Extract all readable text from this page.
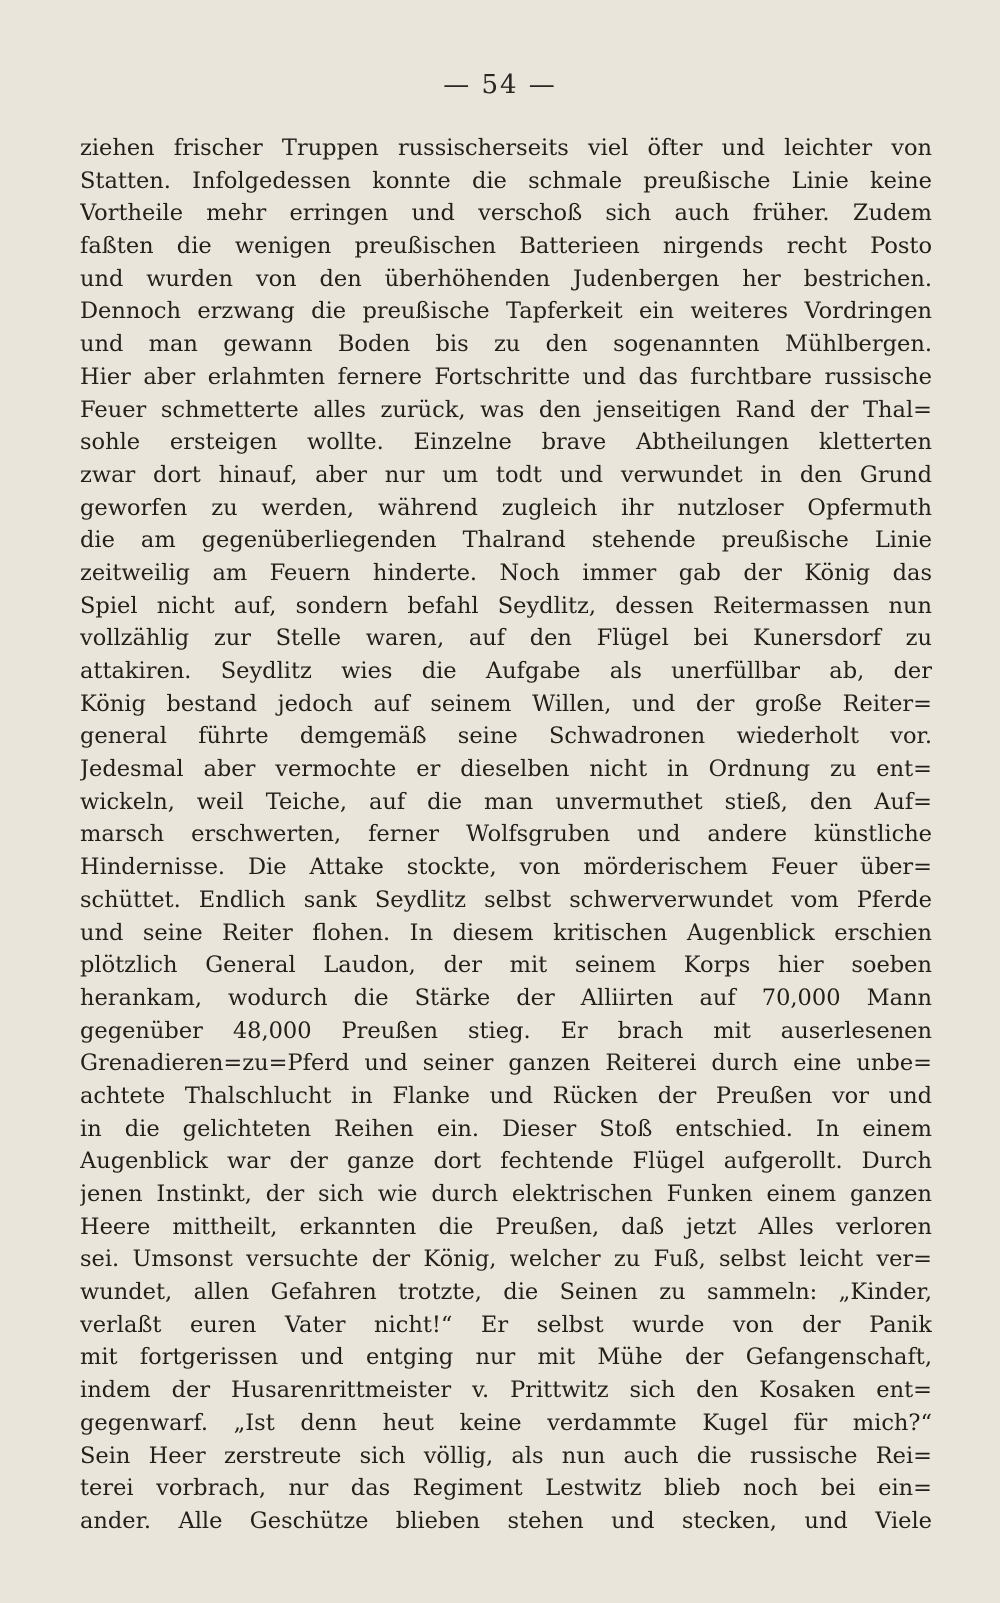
— 54 —
ziehen frischer Truppen russischerseits viel öfter und leichter von
Statten. Infolgedessen konnte die schmale preußische Linie keine
Vortheile mehr erringen und verschoß sich auch früher. Zudem
faßten die wenigen preußischen Batterieen nirgends recht Posto
und wurden von den überhöhenden Judenbergen her bestrichen.
Dennoch erzwang die preußische Tapferkeit ein weiteres Vordringen
und man gewann Boden bis zu den sogenannten Mühlbergen.
Hier aber erlahmten fernere Fortschritte und das furchtbare russische
Feuer schmetterte alles zurück, was den jenseitigen Rand der Thal=
sohle ersteigen wollte. Einzelne brave Abtheilungen kletterten
zwar dort hinauf, aber nur um todt und verwundet in den Grund
geworfen zu werden, während zugleich ihr nutzloser Opfermuth
die am gegenüberliegenden Thalrand stehende preußische Linie
zeitweilig am Feuern hinderte. Noch immer gab der König das
Spiel nicht auf, sondern befahl Seydlitz, dessen Reitermassen nun
vollzählig zur Stelle waren, auf den Flügel bei Kunersdorf zu
attakiren. Seydlitz wies die Aufgabe als unerfüllbar ab, der
König bestand jedoch auf seinem Willen, und der große Reiter=
general führte demgemäß seine Schwadronen wiederholt vor.
Jedesmal aber vermochte er dieselben nicht in Ordnung zu ent=
wickeln, weil Teiche, auf die man unvermuthet stieß, den Auf=
marsch erschwerten, ferner Wolfsgruben und andere künstliche
Hindernisse. Die Attake stockte, von mörderischem Feuer über=
schüttet. Endlich sank Seydlitz selbst schwerverwundet vom Pferde
und seine Reiter flohen. In diesem kritischen Augenblick erschien
plötzlich General Laudon, der mit seinem Korps hier soeben
herankam, wodurch die Stärke der Alliirten auf 70,000 Mann
gegenüber 48,000 Preußen stieg. Er brach mit auserlesenen
Grenadieren=zu=Pferd und seiner ganzen Reiterei durch eine unbe=
achtete Thalschlucht in Flanke und Rücken der Preußen vor und
in die gelichteten Reihen ein. Dieser Stoß entschied. In einem
Augenblick war der ganze dort fechtende Flügel aufgerollt. Durch
jenen Instinkt, der sich wie durch elektrischen Funken einem ganzen
Heere mittheilt, erkannten die Preußen, daß jetzt Alles verloren
sei. Umsonst versuchte der König, welcher zu Fuß, selbst leicht ver=
wundet, allen Gefahren trotzte, die Seinen zu sammeln: „Kinder,
verlaßt euren Vater nicht!“ Er selbst wurde von der Panik
mit fortgerissen und entging nur mit Mühe der Gefangenschaft,
indem der Husarenrittmeister v. Prittwitz sich den Kosaken ent=
gegenwarf. „Ist denn heut keine verdammte Kugel für mich?“
Sein Heer zerstreute sich völlig, als nun auch die russische Rei=
terei vorbrach, nur das Regiment Lestwitz blieb noch bei ein=
ander. Alle Geschütze blieben stehen und stecken, und Viele
